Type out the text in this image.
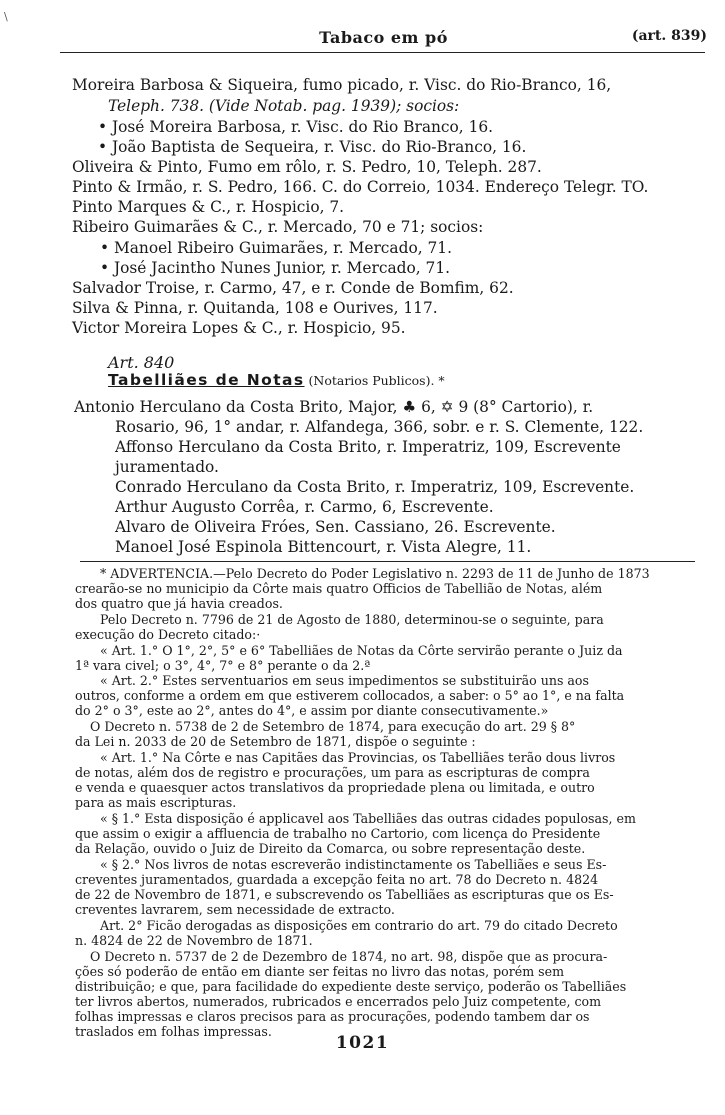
\
Tabaco em pó	(art. 839)
Moreira Barbosa & Siqueira, fumo picado, r. Visc. do Rio-Branco, 16,
Teleph. 738. (Vide Notab. pag. 1939); socios:
• José Moreira Barbosa, r. Visc. do Rio Branco, 16.
• João Baptista de Sequeira, r. Visc. do Rio-Branco, 16.
Oliveira & Pinto, Fumo em rôlo, r. S. Pedro, 10, Teleph. 287.
Pinto & Irmão, r. S. Pedro, 166. C. do Correio, 1034. Endereço Telegr. TO.
Pinto Marques & C., r. Hospicio, 7.
Ribeiro Guimarães & C., r. Mercado, 70 e 71; socios:
• Manoel Ribeiro Guimarães, r. Mercado, 71.
• José Jacintho Nunes Junior, r. Mercado, 71.
Salvador Troise, r. Carmo, 47, e r. Conde de Bomfim, 62.
Silva & Pinna, r. Quitanda, 108 e Ourives, 117.
Victor Moreira Lopes & C., r. Hospicio, 95.
Art. 840
Tabelliães de Notas (Notarios Publicos). *
Antonio Herculano da Costa Brito, Major, ♣ 6, ✡ 9 (8° Cartorio), r.
Rosario, 96, 1° andar, r. Alfandega, 366, sobr. e r. S. Clemente, 122.
Affonso Herculano da Costa Brito, r. Imperatriz, 109, Escrevente
juramentado.
Conrado Herculano da Costa Brito, r. Imperatriz, 109, Escrevente.
Arthur Augusto Corrêa, r. Carmo, 6, Escrevente.
Alvaro de Oliveira Fróes, Sen. Cassiano, 26. Escrevente.
Manoel José Espinola Bittencourt, r. Vista Alegre, 11.
* ADVERTENCIA.—Pelo Decreto do Poder Legislativo n. 2293 de 11 de Junho de 1873
crearão-se no municipio da Côrte mais quatro Officios de Tabellião de Notas, além
dos quatro que já havia creados.
Pelo Decreto n. 7796 de 21 de Agosto de 1880, determinou-se o seguinte, para
execução do Decreto citado:·
« Art. 1.° O 1°, 2°, 5° e 6° Tabelliães de Notas da Côrte servirão perante o Juiz da
1ª vara civel; o 3°, 4°, 7° e 8° perante o da 2.ª
« Art. 2.° Estes serventuarios em seus impedimentos se substituirão uns aos
outros, conforme a ordem em que estiverem collocados, a saber: o 5° ao 1°, e na falta
do 2° o 3°, este ao 2°, antes do 4°, e assim por diante consecutivamente.»
O Decreto n. 5738 de 2 de Setembro de 1874, para execução do art. 29 § 8°
da Lei n. 2033 de 20 de Setembro de 1871, dispõe o seguinte :
« Art. 1.° Na Côrte e nas Capitães das Provincias, os Tabelliães terão dous livros
de notas, além dos de registro e procurações, um para as escripturas de compra
e venda e quaesquer actos translativos da propriedade plena ou limitada, e outro
para as mais escripturas.
« § 1.° Esta disposição é applicavel aos Tabelliães das outras cidades populosas, em
que assim o exigir a affluencia de trabalho no Cartorio, com licença do Presidente
da Relação, ouvido o Juiz de Direito da Comarca, ou sobre representação deste.
« § 2.° Nos livros de notas escreverão indistinctamente os Tabelliães e seus Es-
creventes juramentados, guardada a excepção feita no art. 78 do Decreto n. 4824
de 22 de Novembro de 1871, e subscrevendo os Tabelliães as escripturas que os Es-
creventes lavrarem, sem necessidade de extracto.
Art. 2° Ficão derogadas as disposições em contrario do art. 79 do citado Decreto
n. 4824 de 22 de Novembro de 1871.
O Decreto n. 5737 de 2 de Dezembro de 1874, no art. 98, dispõe que as procura-
ções só poderão de então em diante ser feitas no livro das notas, porém sem
distribuição; e que, para facilidade do expediente deste serviço, poderão os Tabelliães
ter livros abertos, numerados, rubricados e encerrados pelo Juiz competente, com
folhas impressas e claros precisos para as procurações, podendo tambem dar os
traslados em folhas impressas.
1021
